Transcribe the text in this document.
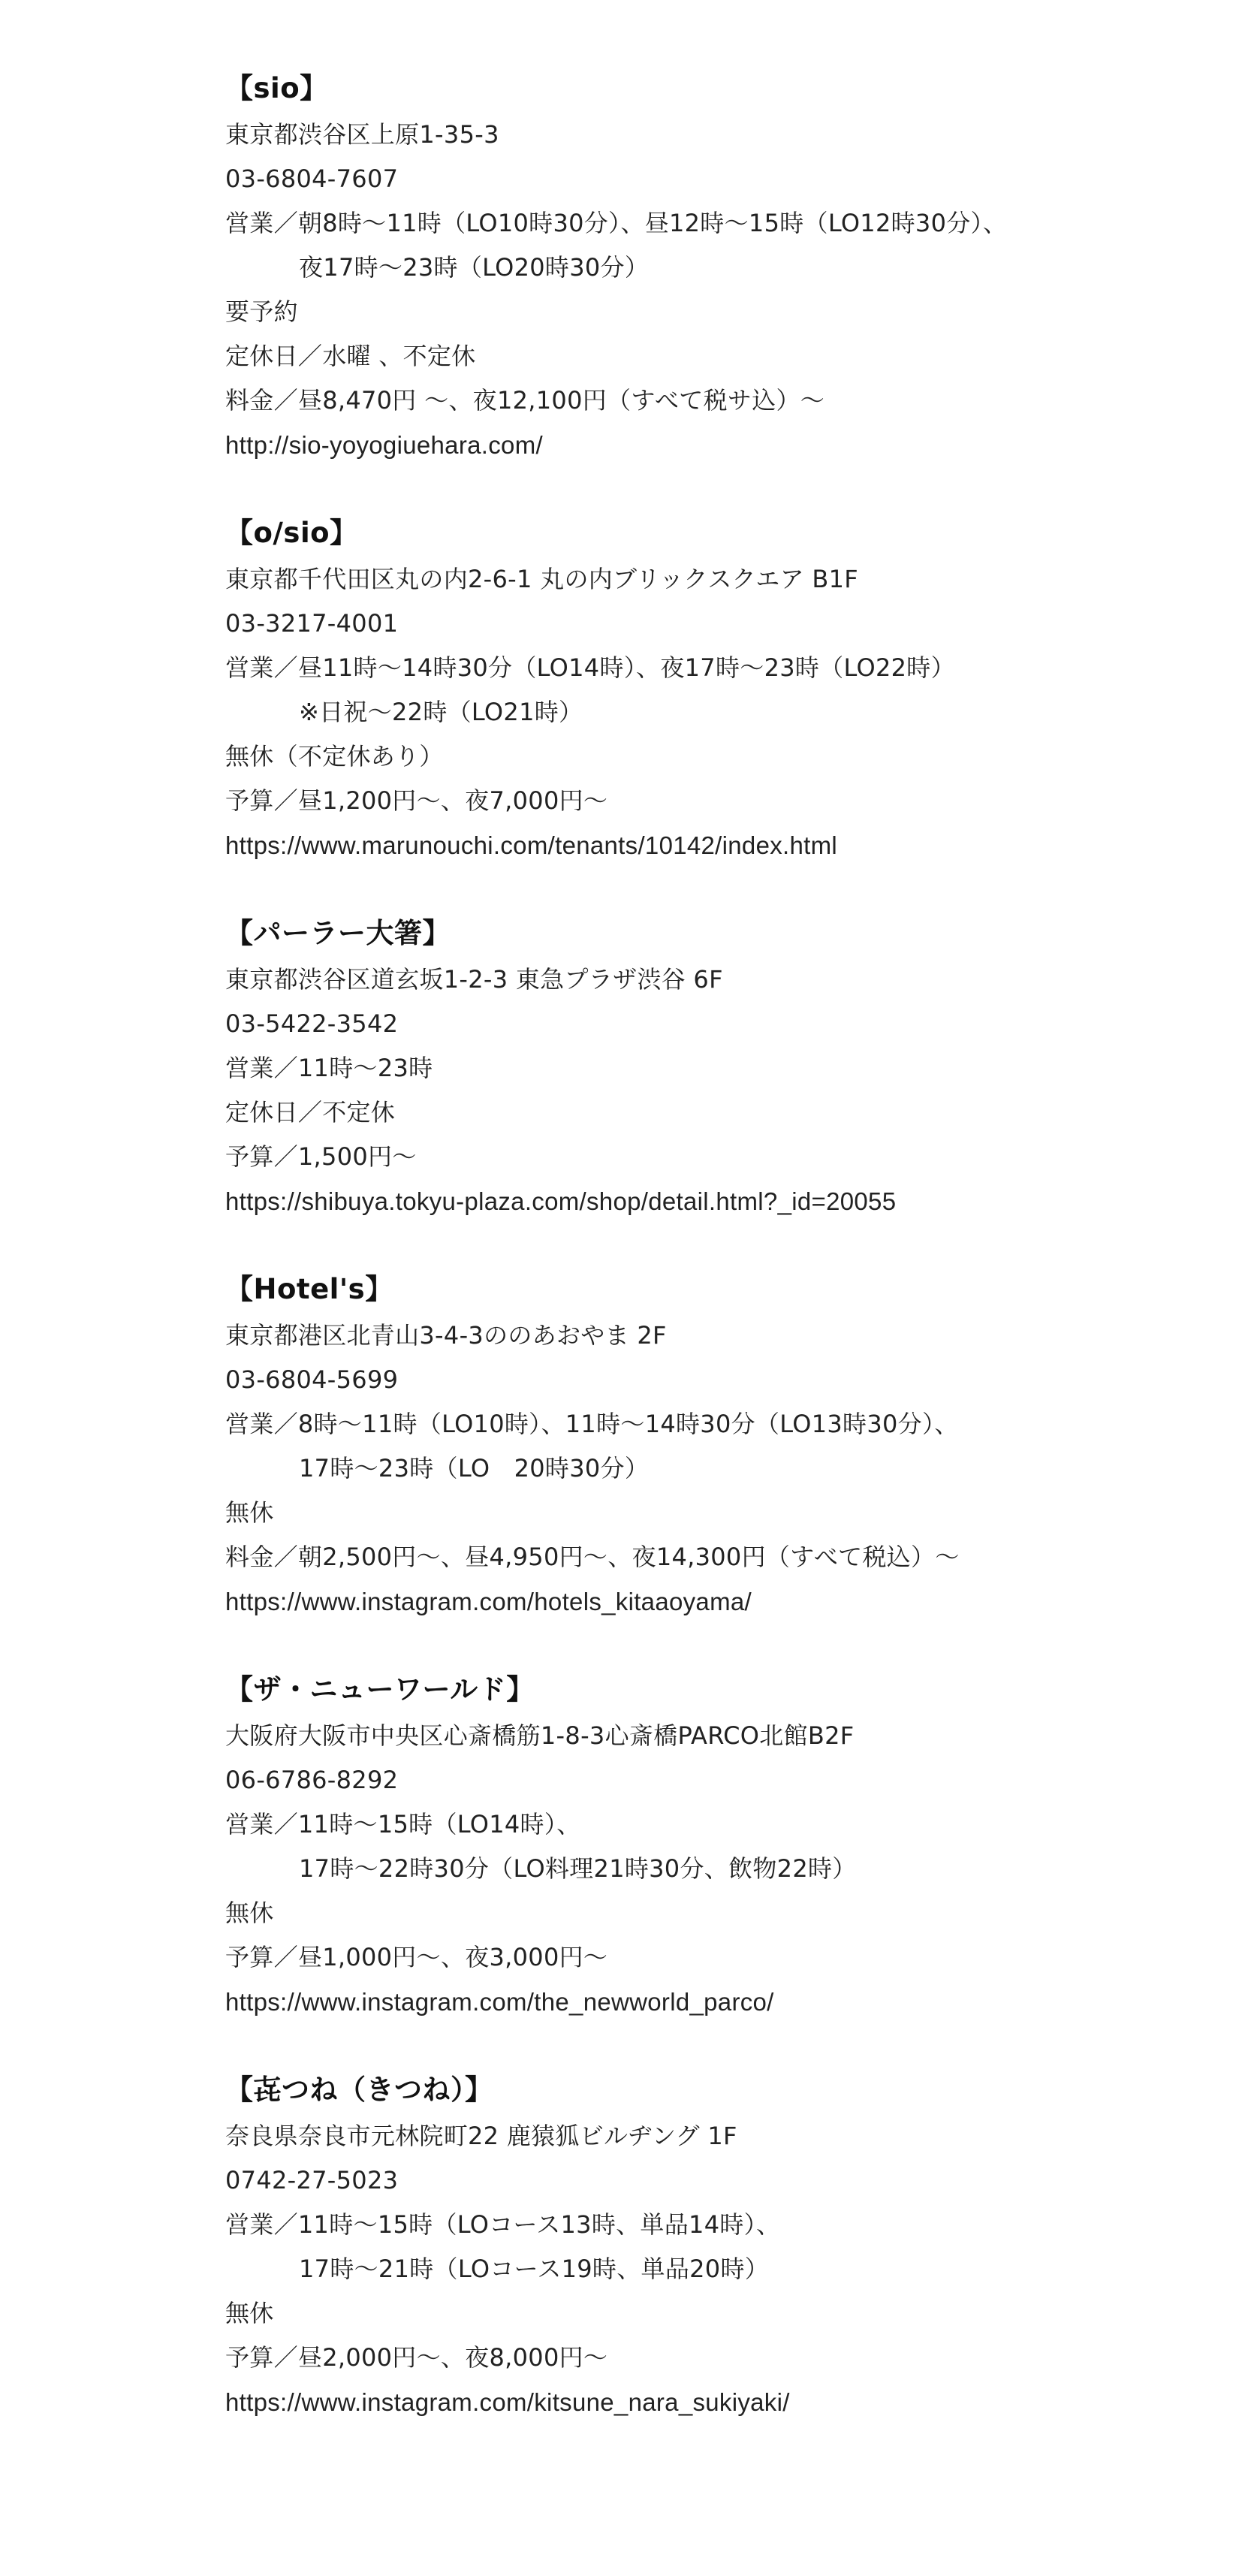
【sio】

東京都渋谷区上原1-35-3

03-6804-7607

営業／朝8時～11時（LO10時30分）、昼12時～15時（LO12時30分）、

夜17時～23時（LO20時30分）

要予約

定休日／水曜 、不定休

料金／昼8,470円 ～、夜12,100円（すべて税サ込）～

http://sio-yoyogiuehara.com/

【o/sio】

東京都千代田区丸の内2-6-1 丸の内ブリックスクエア B1F

03-3217-4001

営業／昼11時～14時30分（LO14時）、夜17時～23時（LO22時）

※日祝～22時（LO21時）

無休（不定休あり）

予算／昼1,200円～、夜7,000円～

https://www.marunouchi.com/tenants/10142/index.html

【パーラー大箸】

東京都渋谷区道玄坂1-2-3 東急プラザ渋谷 6F

03-5422-3542

営業／11時～23時

定休日／不定休

予算／1,500円～

https://shibuya.tokyu-plaza.com/shop/detail.html?_id=20055

【Hotel's】

東京都港区北青山3-4-3ののあおやま 2F

03-6804-5699

営業／8時～11時（LO10時）、11時～14時30分（LO13時30分）、

17時～23時（LO　20時30分）

無休

料金／朝2,500円～、昼4,950円～、夜14,300円（すべて税込）～

https://www.instagram.com/hotels_kitaaoyama/

【ザ・ニューワールド】

大阪府大阪市中央区心斎橋筋1-8-3心斎橋PARCO北館B2F

06-6786-8292

営業／11時～15時（LO14時）、

17時～22時30分（LO料理21時30分、飲物22時）

無休

予算／昼1,000円～、夜3,000円～

https://www.instagram.com/the_newworld_parco/

【㐂つね（きつね）】

奈良県奈良市元林院町22 鹿猿狐ビルヂング 1F

0742-27-5023

営業／11時～15時（LOコース13時、単品14時）、

17時～21時（LOコース19時、単品20時）

無休

予算／昼2,000円～、夜8,000円～

https://www.instagram.com/kitsune_nara_sukiyaki/
